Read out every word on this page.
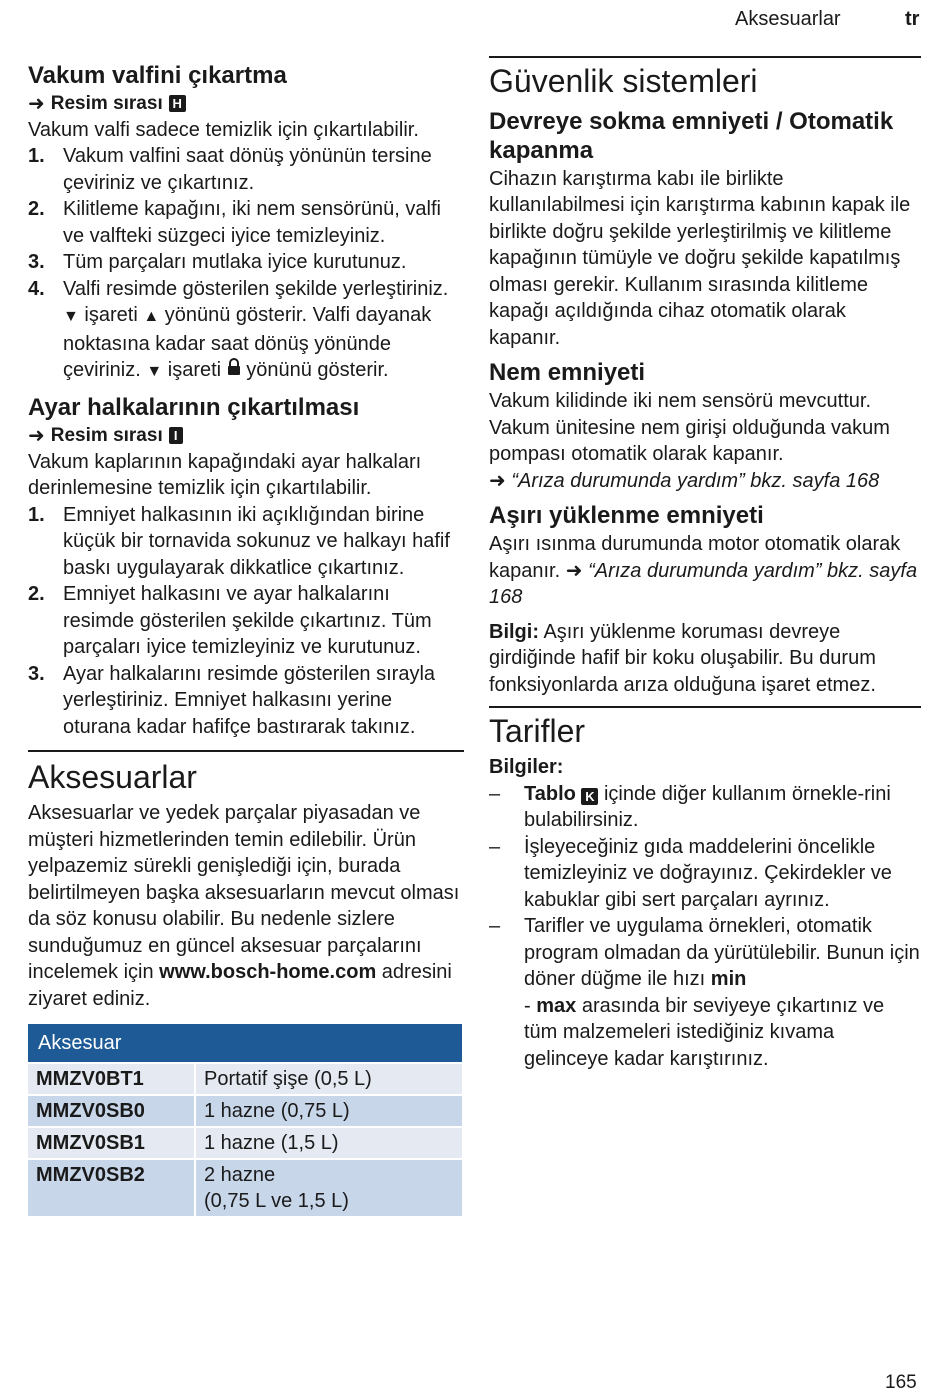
Aksesuarlar	tr
Vakum valfini çıkartma
➜ Resim sırası H

Vakum valfi sadece temizlik için çıkartılabilir.

1. Vakum valfini saat dönüş yönünün tersine çeviriniz ve çıkartınız.
2. Kilitleme kapağını, iki nem sensörünü, valfi ve valfteki süzgeci iyice temizleyiniz.
3. Tüm parçaları mutlaka iyice kurutunuz.
4. Valfi resimde gösterilen şekilde yerleştiriniz. ▼ işareti ▲ yönünü gösterir. Valfi dayanak noktasına kadar saat dönüş yönünde çeviriniz. ▼ işareti yönünü gösterir.
Ayar halkalarının çıkartılması
➜ Resim sırası I

Vakum kaplarının kapağındaki ayar halkaları derinlemesine temizlik için çıkartılabilir.

1. Emniyet halkasının iki açıklığından birine küçük bir tornavida sokunuz ve halkayı hafif baskı uygulayarak dikkatlice çıkartınız.
2. Emniyet halkasını ve ayar halkalarını resimde gösterilen şekilde çıkartınız. Tüm parçaları iyice temizleyiniz ve kurutunuz.
3. Ayar halkalarını resimde gösterilen sırayla yerleştiriniz. Emniyet halkasını yerine oturana kadar hafifçe bastırarak takınız.
Aksesuarlar

Aksesuarlar ve yedek parçalar piyasadan ve müşteri hizmetlerinden temin edilebilir. Ürün yelpazemiz sürekli genişlediği için, burada belirtilmeyen başka aksesuarların mevcut olması da söz konusu olabilir. Bu nedenle sizlere sunduğumuz en güncel aksesuar parçalarını incelemek için www.bosch-home.com adresini ziyaret ediniz.

Aksesuar	
MMZV0BT1	Portatif şişe (0,5 L)
MMZV0SB0	1 hazne (0,75 L)
MMZV0SB1	1 hazne (1,5 L)
MMZV0SB2	2 hazne
(0,75 L ve 1,5 L)
Güvenlik sistemleri
Devreye sokma emniyeti / Otomatik kapanma

Cihazın karıştırma kabı ile birlikte kullanılabilmesi için karıştırma kabının kapak ile birlikte doğru şekilde yerleştirilmiş ve kilitleme kapağının tümüyle ve doğru şekilde kapatılmış olması gerekir. Kullanım sırasında kilitleme kapağı açıldığında cihaz otomatik olarak kapanır.

Nem emniyeti

Vakum kilidinde iki nem sensörü mevcuttur. Vakum ünitesine nem girişi olduğunda vakum pompası otomatik olarak kapanır.

➜ “Arıza durumunda yardım” bkz. sayfa 168

Aşırı yüklenme emniyeti

Aşırı ısınma durumunda motor otomatik olarak kapanır. ➜ “Arıza durumunda yardım” bkz. sayfa 168

Bilgi: Aşırı yüklenme koruması devreye girdiğinde hafif bir koku oluşabilir. Bu durum fonksiyonlarda arıza olduğuna işaret etmez.

Tarifler

Bilgiler:

– Tablo K içinde diğer kullanım örnekle-rini bulabilirsiniz.
– İşleyeceğiniz gıda maddelerini öncelikle temizleyiniz ve doğrayınız. Çekirdekler ve kabuklar gibi sert parçaları ayrınız.
– Tarifler ve uygulama örnekleri, otomatik program olmadan da yürütülebilir. Bunun için döner düğme ile hızı min
- max arasında bir seviyeye çıkartınız ve tüm malzemeleri istediğiniz kıvama gelinceye kadar karıştırınız.
165
